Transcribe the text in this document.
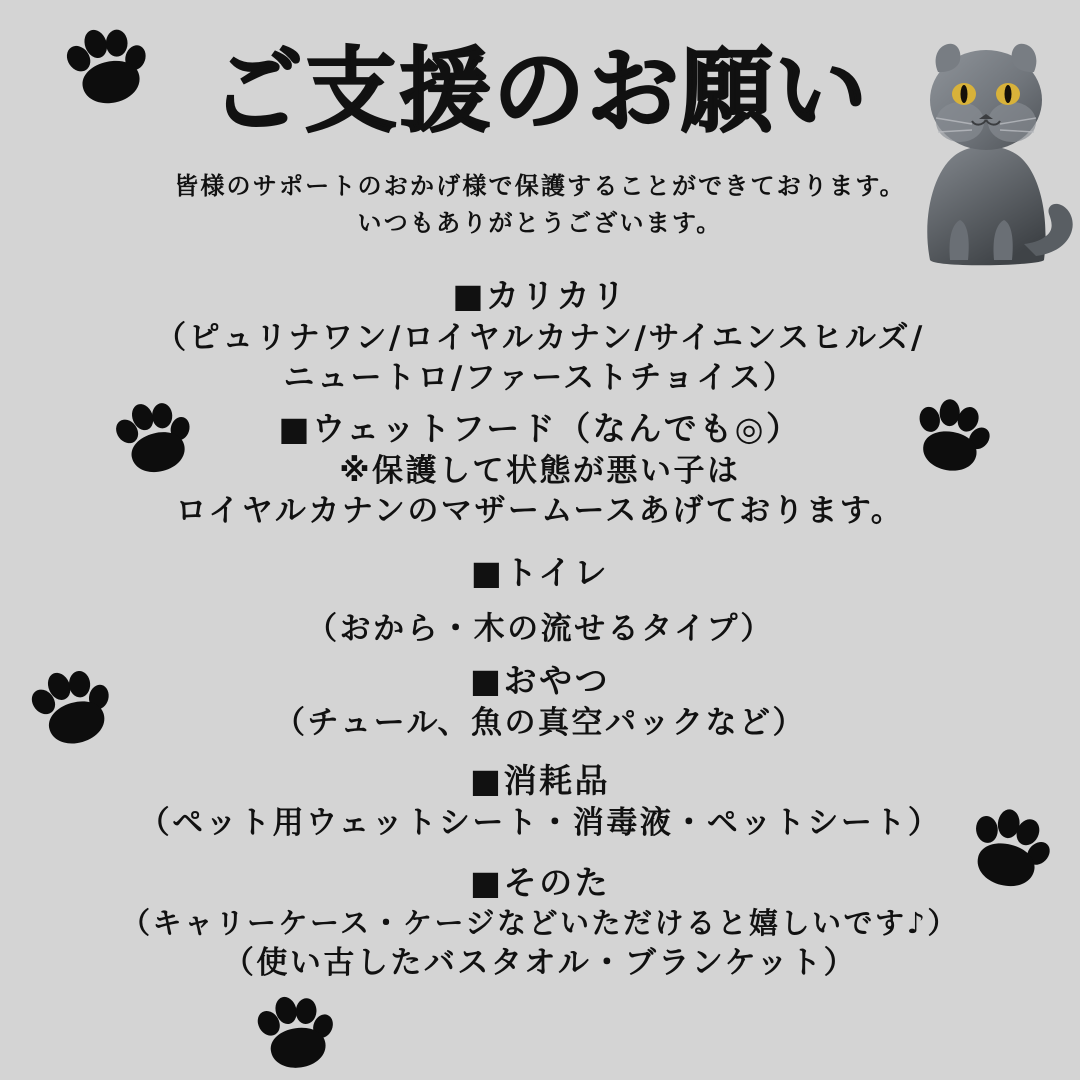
ご支援のお願い
皆様のサポートのおかげ様で保護することができております。
いつもありがとうございます。
■カリカリ
（ピュリナワン/ロイヤルカナン/サイエンスヒルズ/
ニュートロ/ファーストチョイス）
■ウェットフード（なんでも◎）
※保護して状態が悪い子は
ロイヤルカナンのマザームースあげております。
■トイレ
（おから・木の流せるタイプ）
■おやつ
（チュール、魚の真空パックなど）
■消耗品
（ペット用ウェットシート・消毒液・ペットシート）
■そのた
（キャリーケース・ケージなどいただけると嬉しいです♪）
（使い古したバスタオル・ブランケット）
